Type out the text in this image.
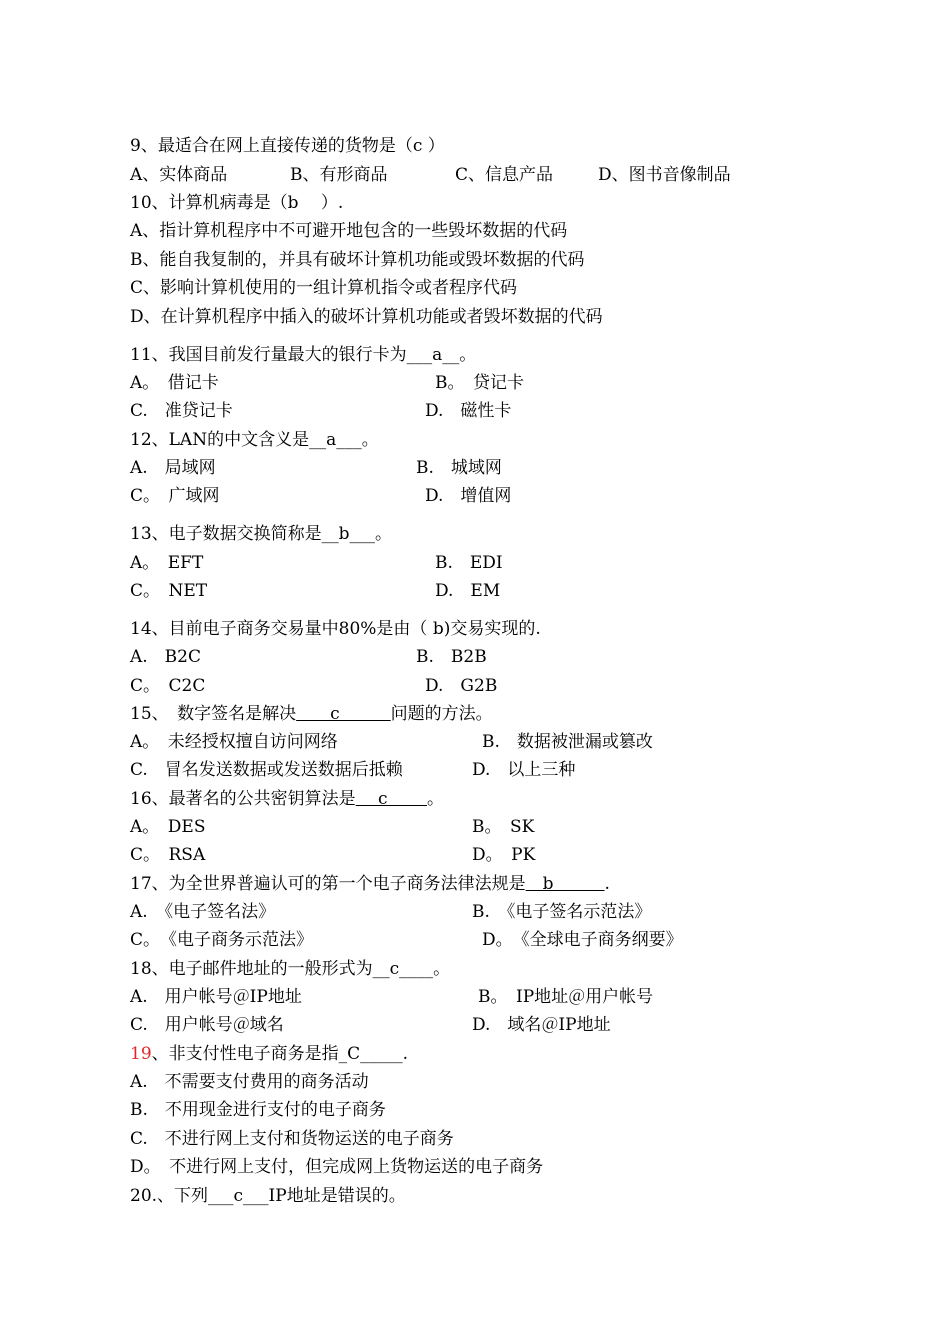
9、最适合在网上直接传递的货物是（c ）
A、实体商品	B、有形商品	C、信息产品	D、图书音像制品
10、计算机病毒是（b　 ）.
A、指计算机程序中不可避开地包含的一些毁坏数据的代码
B、能自我复制的，并具有破坏计算机功能或毁坏数据的代码
C、影响计算机使用的一组计算机指令或者程序代码
D、在计算机程序中插入的破坏计算机功能或者毁坏数据的代码
11、我国目前发行量最大的银行卡为___a__。
A。　借记卡	B。　贷记卡
C.　准贷记卡	D.　磁性卡
12、LAN的中文含义是__a___。
A.　局域网	B.　城域网
C。　广域网	D.　增值网
13、电子数据交换简称是__b___。
A。　EFT	B.　EDI
C。　NET	D.　EM
14、目前电子商务交易量中80%是由（ b)交易实现的.
A.　B2C	B.　B2B
C。　C2C	D.　G2B
15、　数字签名是解决　　c　　　问题的方法。
A。　未经授权擅自访问网络	B.　数据被泄漏或篡改
C.　冒名发送数据或发送数据后抵赖	D.　以上三种
16、最著名的公共密钥算法是　 c　　 。
A。　DES	B。　SK
C。　RSA	D。　PK
17、为全世界普遍认可的第一个电子商务法律法规是　b　　　.
A.　《电子签名法》	B.　《电子签名示范法》
C。　《电子商务示范法》	D。　《全球电子商务纲要》
18、电子邮件地址的一般形式为__c____。
A.　用户帐号＠IP地址	B。　IP地址＠用户帐号
C.　用户帐号＠域名	D.　域名＠IP地址
19、非支付性电子商务是指_C_____.
A.　不需要支付费用的商务活动
B.　不用现金进行支付的电子商务
C.　不进行网上支付和货物运送的电子商务
D。　不进行网上支付，但完成网上货物运送的电子商务
20.、下列___c___IP地址是错误的。
